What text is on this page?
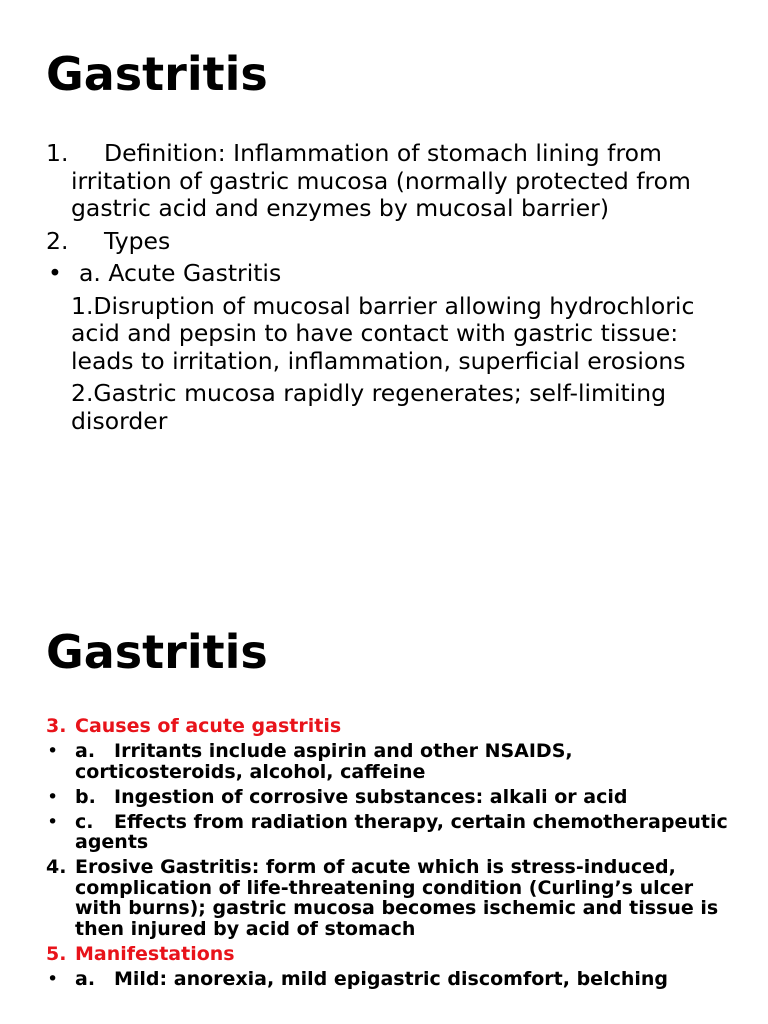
Gastritis
1.	Definition: Inflammation of stomach lining from irritation of gastric mucosa (normally protected from gastric acid and enzymes by mucosal barrier)
2.	Types
• a. Acute Gastritis
1.Disruption of mucosal barrier allowing hydrochloric acid and pepsin to have contact with gastric tissue: leads to irritation, inflammation, superficial erosions
2.Gastric mucosa rapidly regenerates; self-limiting disorder
Gastritis
3. Causes of acute gastritis
• a. Irritants include aspirin and other NSAIDS, corticosteroids, alcohol, caffeine
• b. Ingestion of corrosive substances: alkali or acid
• c. Effects from radiation therapy, certain chemotherapeutic agents
4. Erosive Gastritis: form of acute which is stress-induced, complication of life-threatening condition (Curling’s ulcer with burns); gastric mucosa becomes ischemic and tissue is then injured by acid of stomach
5. Manifestations
• a. Mild: anorexia, mild epigastric discomfort, belching
